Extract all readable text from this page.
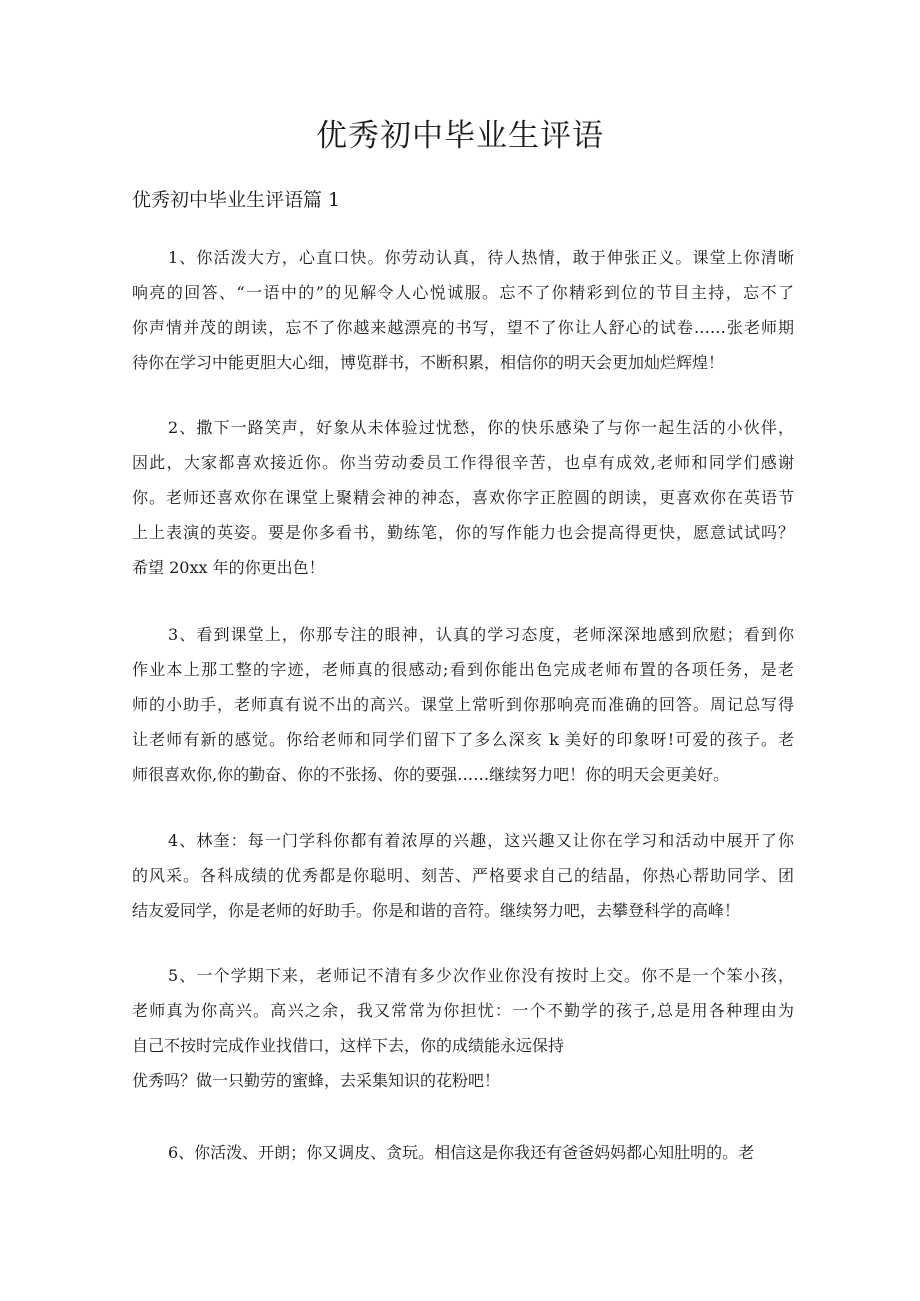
优秀初中毕业生评语
优秀初中毕业生评语篇 1
1、你活泼大方，心直口快。你劳动认真，待人热情，敢于伸张正义。课堂上你清晰
响亮的回答、“一语中的”的见解令人心悦诚服。忘不了你精彩到位的节目主持，忘不了
你声情并茂的朗读，忘不了你越来越漂亮的书写，望不了你让人舒心的试卷……张老师期
待你在学习中能更胆大心细，博览群书，不断积累，相信你的明天会更加灿烂辉煌！
2、撒下一路笑声，好象从未体验过忧愁，你的快乐感染了与你一起生活的小伙伴，
因此，大家都喜欢接近你。你当劳动委员工作得很辛苦，也卓有成效,老师和同学们感谢
你。老师还喜欢你在课堂上聚精会神的神态，喜欢你字正腔圆的朗读，更喜欢你在英语节
上上表演的英姿。要是你多看书，勤练笔，你的写作能力也会提高得更快，愿意试试吗？
希望 20xx 年的你更出色！
3、看到课堂上，你那专注的眼神，认真的学习态度，老师深深地感到欣慰；看到你
作业本上那工整的字迹，老师真的很感动;看到你能出色完成老师布置的各项任务，是老
师的小助手，老师真有说不出的高兴。课堂上常听到你那响亮而准确的回答。周记总写得
让老师有新的感觉。你给老师和同学们留下了多么深亥 k 美好的印象呀!可爱的孩子。老
师很喜欢你,你的勤奋、你的不张扬、你的要强……继续努力吧！你的明天会更美好。
4、林奎：每一门学科你都有着浓厚的兴趣，这兴趣又让你在学习和活动中展开了你
的风采。各科成绩的优秀都是你聪明、刻苦、严格要求自己的结晶，你热心帮助同学、团
结友爱同学，你是老师的好助手。你是和谐的音符。继续努力吧，去攀登科学的高峰！
5、一个学期下来，老师记不清有多少次作业你没有按时上交。你不是一个笨小孩，
老师真为你高兴。高兴之余，我又常常为你担忧：一个不勤学的孩子,总是用各种理由为
自己不按时完成作业找借口，这样下去，你的成绩能永远保持
优秀吗？做一只勤劳的蜜蜂，去采集知识的花粉吧！
6、你活泼、开朗；你又调皮、贪玩。相信这是你我还有爸爸妈妈都心知肚明的。老
